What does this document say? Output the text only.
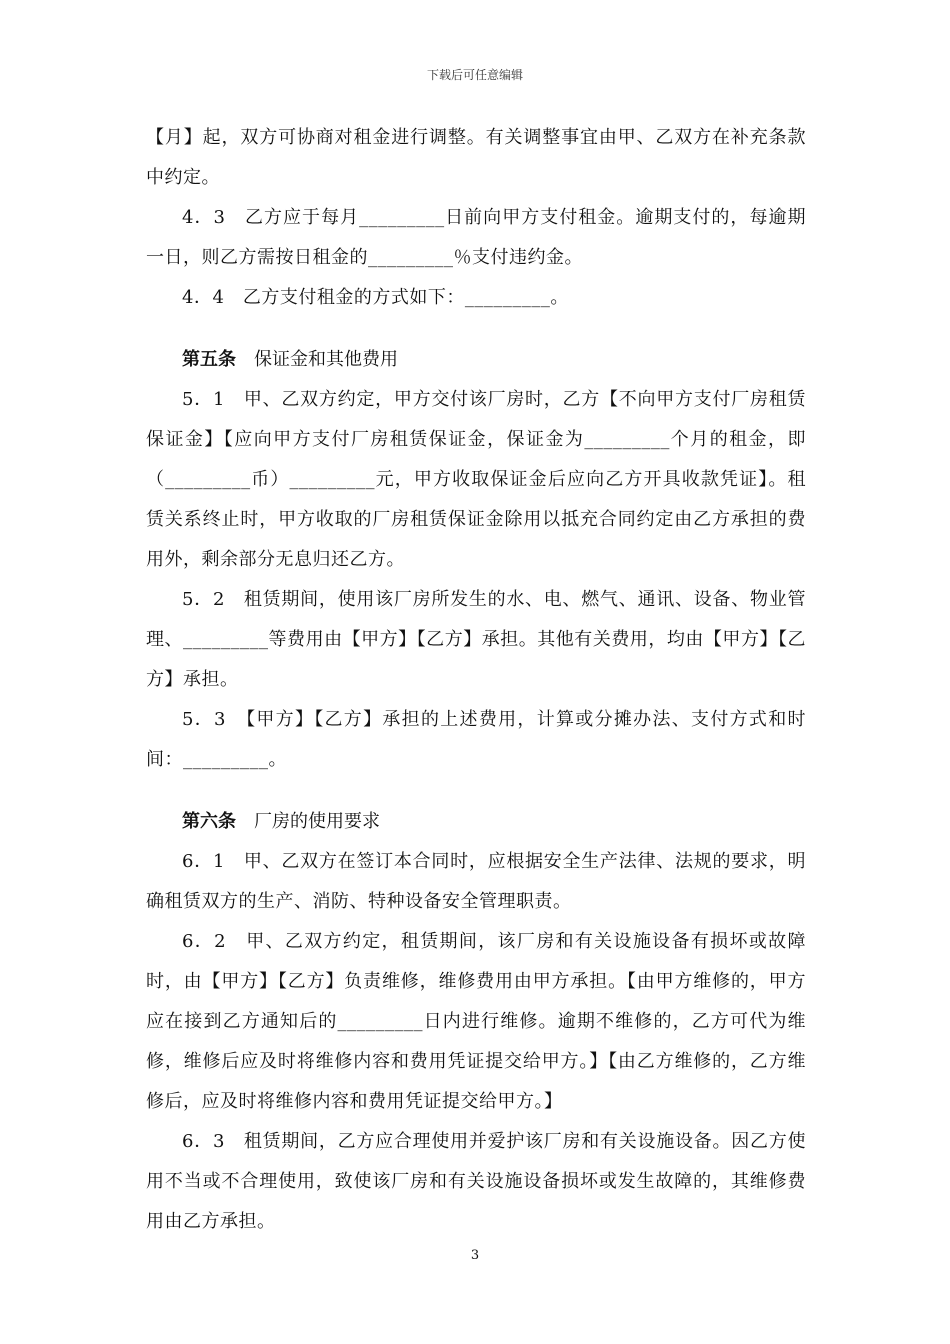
下载后可任意编辑

【月】起，双方可协商对租金进行调整。有关调整事宜由甲、乙双方在补充条款中约定。

4．3　乙方应于每月_________日前向甲方支付租金。逾期支付的，每逾期一日，则乙方需按日租金的_________％支付违约金。

4．4　乙方支付租金的方式如下：_________。

第五条 保证金和其他费用

5．1　甲、乙双方约定，甲方交付该厂房时，乙方【不向甲方支付厂房租赁保证金】【应向甲方支付厂房租赁保证金，保证金为_________个月的租金，即（_________币）_________元，甲方收取保证金后应向乙方开具收款凭证】。租赁关系终止时，甲方收取的厂房租赁保证金除用以抵充合同约定由乙方承担的费用外，剩余部分无息归还乙方。

5．2　租赁期间，使用该厂房所发生的水、电、燃气、通讯、设备、物业管理、_________等费用由【甲方】【乙方】承担。其他有关费用，均由【甲方】【乙方】承担。

5．3　【甲方】【乙方】承担的上述费用，计算或分摊办法、支付方式和时间：_________。

第六条 厂房的使用要求

6．1　甲、乙双方在签订本合同时，应根据安全生产法律、法规的要求，明确租赁双方的生产、消防、特种设备安全管理职责。

6．2　甲、乙双方约定，租赁期间，该厂房和有关设施设备有损坏或故障时，由【甲方】【乙方】负责维修，维修费用由甲方承担。【由甲方维修的，甲方应在接到乙方通知后的_________日内进行维修。逾期不维修的，乙方可代为维修，维修后应及时将维修内容和费用凭证提交给甲方。】【由乙方维修的，乙方维修后，应及时将维修内容和费用凭证提交给甲方。】

6．3　租赁期间，乙方应合理使用并爱护该厂房和有关设施设备。因乙方使用不当或不合理使用，致使该厂房和有关设施设备损坏或发生故障的，其维修费用由乙方承担。

3
